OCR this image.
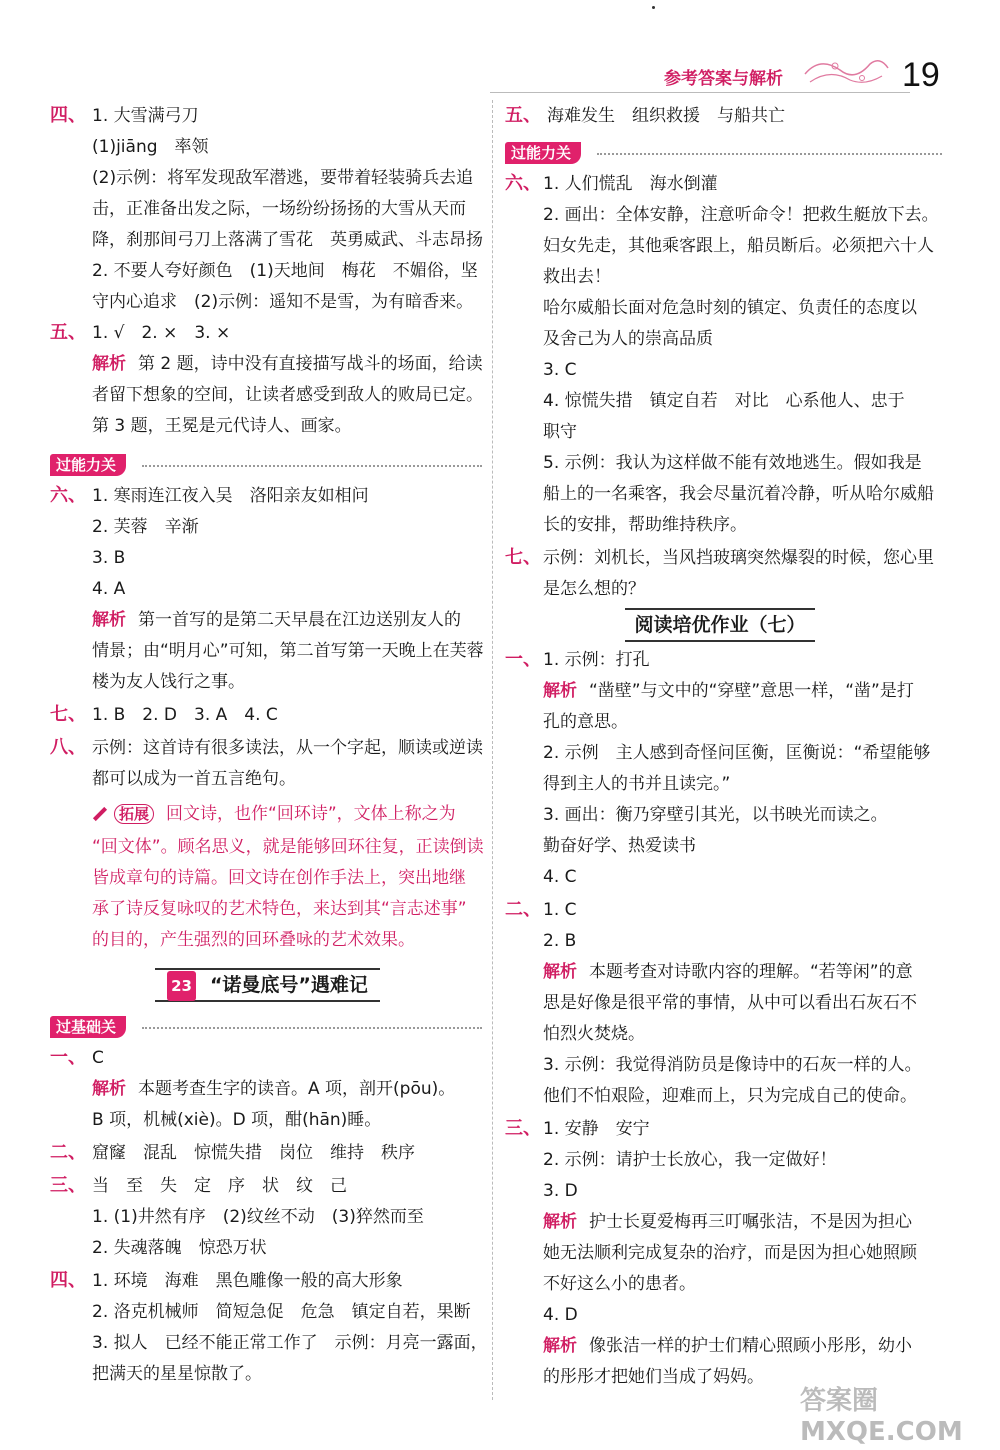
参考答案与解析	19
四、 1. 大雪满弓刀
(1)jiāng　率领
(2)示例：将军发现敌军潜逃，要带着轻装骑兵去追
击，正准备出发之际，一场纷纷扬扬的大雪从天而
降，刹那间弓刀上落满了雪花　英勇威武、斗志昂扬
2. 不要人夸好颜色　(1)天地间　梅花　不媚俗，坚
守内心追求　(2)示例：遥知不是雪，为有暗香来。
五、 1. √　2. ×　3. ×
解析 第 2 题，诗中没有直接描写战斗的场面，给读
者留下想象的空间，让读者感受到敌人的败局已定。
第 3 题，王冕是元代诗人、画家。
过能力关
六、 1. 寒雨连江夜入吴　洛阳亲友如相问
2. 芙蓉　辛渐
3. B
4. A
解析 第一首写的是第二天早晨在江边送别友人的
情景；由“明月心”可知，第二首写第一天晚上在芙蓉
楼为友人饯行之事。
七、 1. B　2. D　3. A　4. C
八、 示例：这首诗有很多读法，从一个字起，顺读或逆读
都可以成为一首五言绝句。
拓展 回文诗，也作“回环诗”，文体上称之为
“回文体”。顾名思义，就是能够回环往复，正读倒读
皆成章句的诗篇。回文诗在创作手法上，突出地继
承了诗反复咏叹的艺术特色，来达到其“言志述事”
的目的，产生强烈的回环叠咏的艺术效果。
23 “诺曼底号”遇难记
过基础关
一、 C
解析 本题考查生字的读音。A 项，剖开(pōu)。
B 项，机械(xiè)。D 项，酣(hān)睡。
二、 窟窿　混乱　惊慌失措　岗位　维持　秩序
三、 当　至　失　定　序　状　纹　己
1. (1)井然有序　(2)纹丝不动　(3)猝然而至
2. 失魂落魄　惊恐万状
四、 1. 环境　海难　黑色雕像一般的高大形象
2. 洛克机械师　简短急促　危急　镇定自若，果断
3. 拟人　已经不能正常工作了　示例：月亮一露面，
把满天的星星惊散了。
五、 海难发生　组织救援　与船共亡
过能力关
六、 1. 人们慌乱　海水倒灌
2. 画出：全体安静，注意听命令！把救生艇放下去。
妇女先走，其他乘客跟上，船员断后。必须把六十人
救出去！
哈尔威船长面对危急时刻的镇定、负责任的态度以
及舍己为人的崇高品质
3. C
4. 惊慌失措　镇定自若　对比　心系他人、忠于
职守
5. 示例：我认为这样做不能有效地逃生。假如我是
船上的一名乘客，我会尽量沉着冷静，听从哈尔威船
长的安排，帮助维持秩序。
七、 示例：刘机长，当风挡玻璃突然爆裂的时候，您心里
是怎么想的？
阅读培优作业（七）
一、 1. 示例：打孔
解析 “凿壁”与文中的“穿壁”意思一样，“凿”是打
孔的意思。
2. 示例　主人感到奇怪问匡衡，匡衡说：“希望能够
得到主人的书并且读完。”
3. 画出：衡乃穿壁引其光，以书映光而读之。
勤奋好学、热爱读书
4. C
二、 1. C
2. B
解析 本题考查对诗歌内容的理解。“若等闲”的意
思是好像是很平常的事情，从中可以看出石灰石不
怕烈火焚烧。
3. 示例：我觉得消防员是像诗中的石灰一样的人。
他们不怕艰险，迎难而上，只为完成自己的使命。
三、 1. 安静　安宁
2. 示例：请护士长放心，我一定做好！
3. D
解析 护士长夏爱梅再三叮嘱张洁，不是因为担心
她无法顺利完成复杂的治疗，而是因为担心她照顾
不好这么小的患者。
4. D
解析 像张洁一样的护士们精心照顾小彤彤，幼小
的彤彤才把她们当成了妈妈。
答案圈 MXQE.COM
